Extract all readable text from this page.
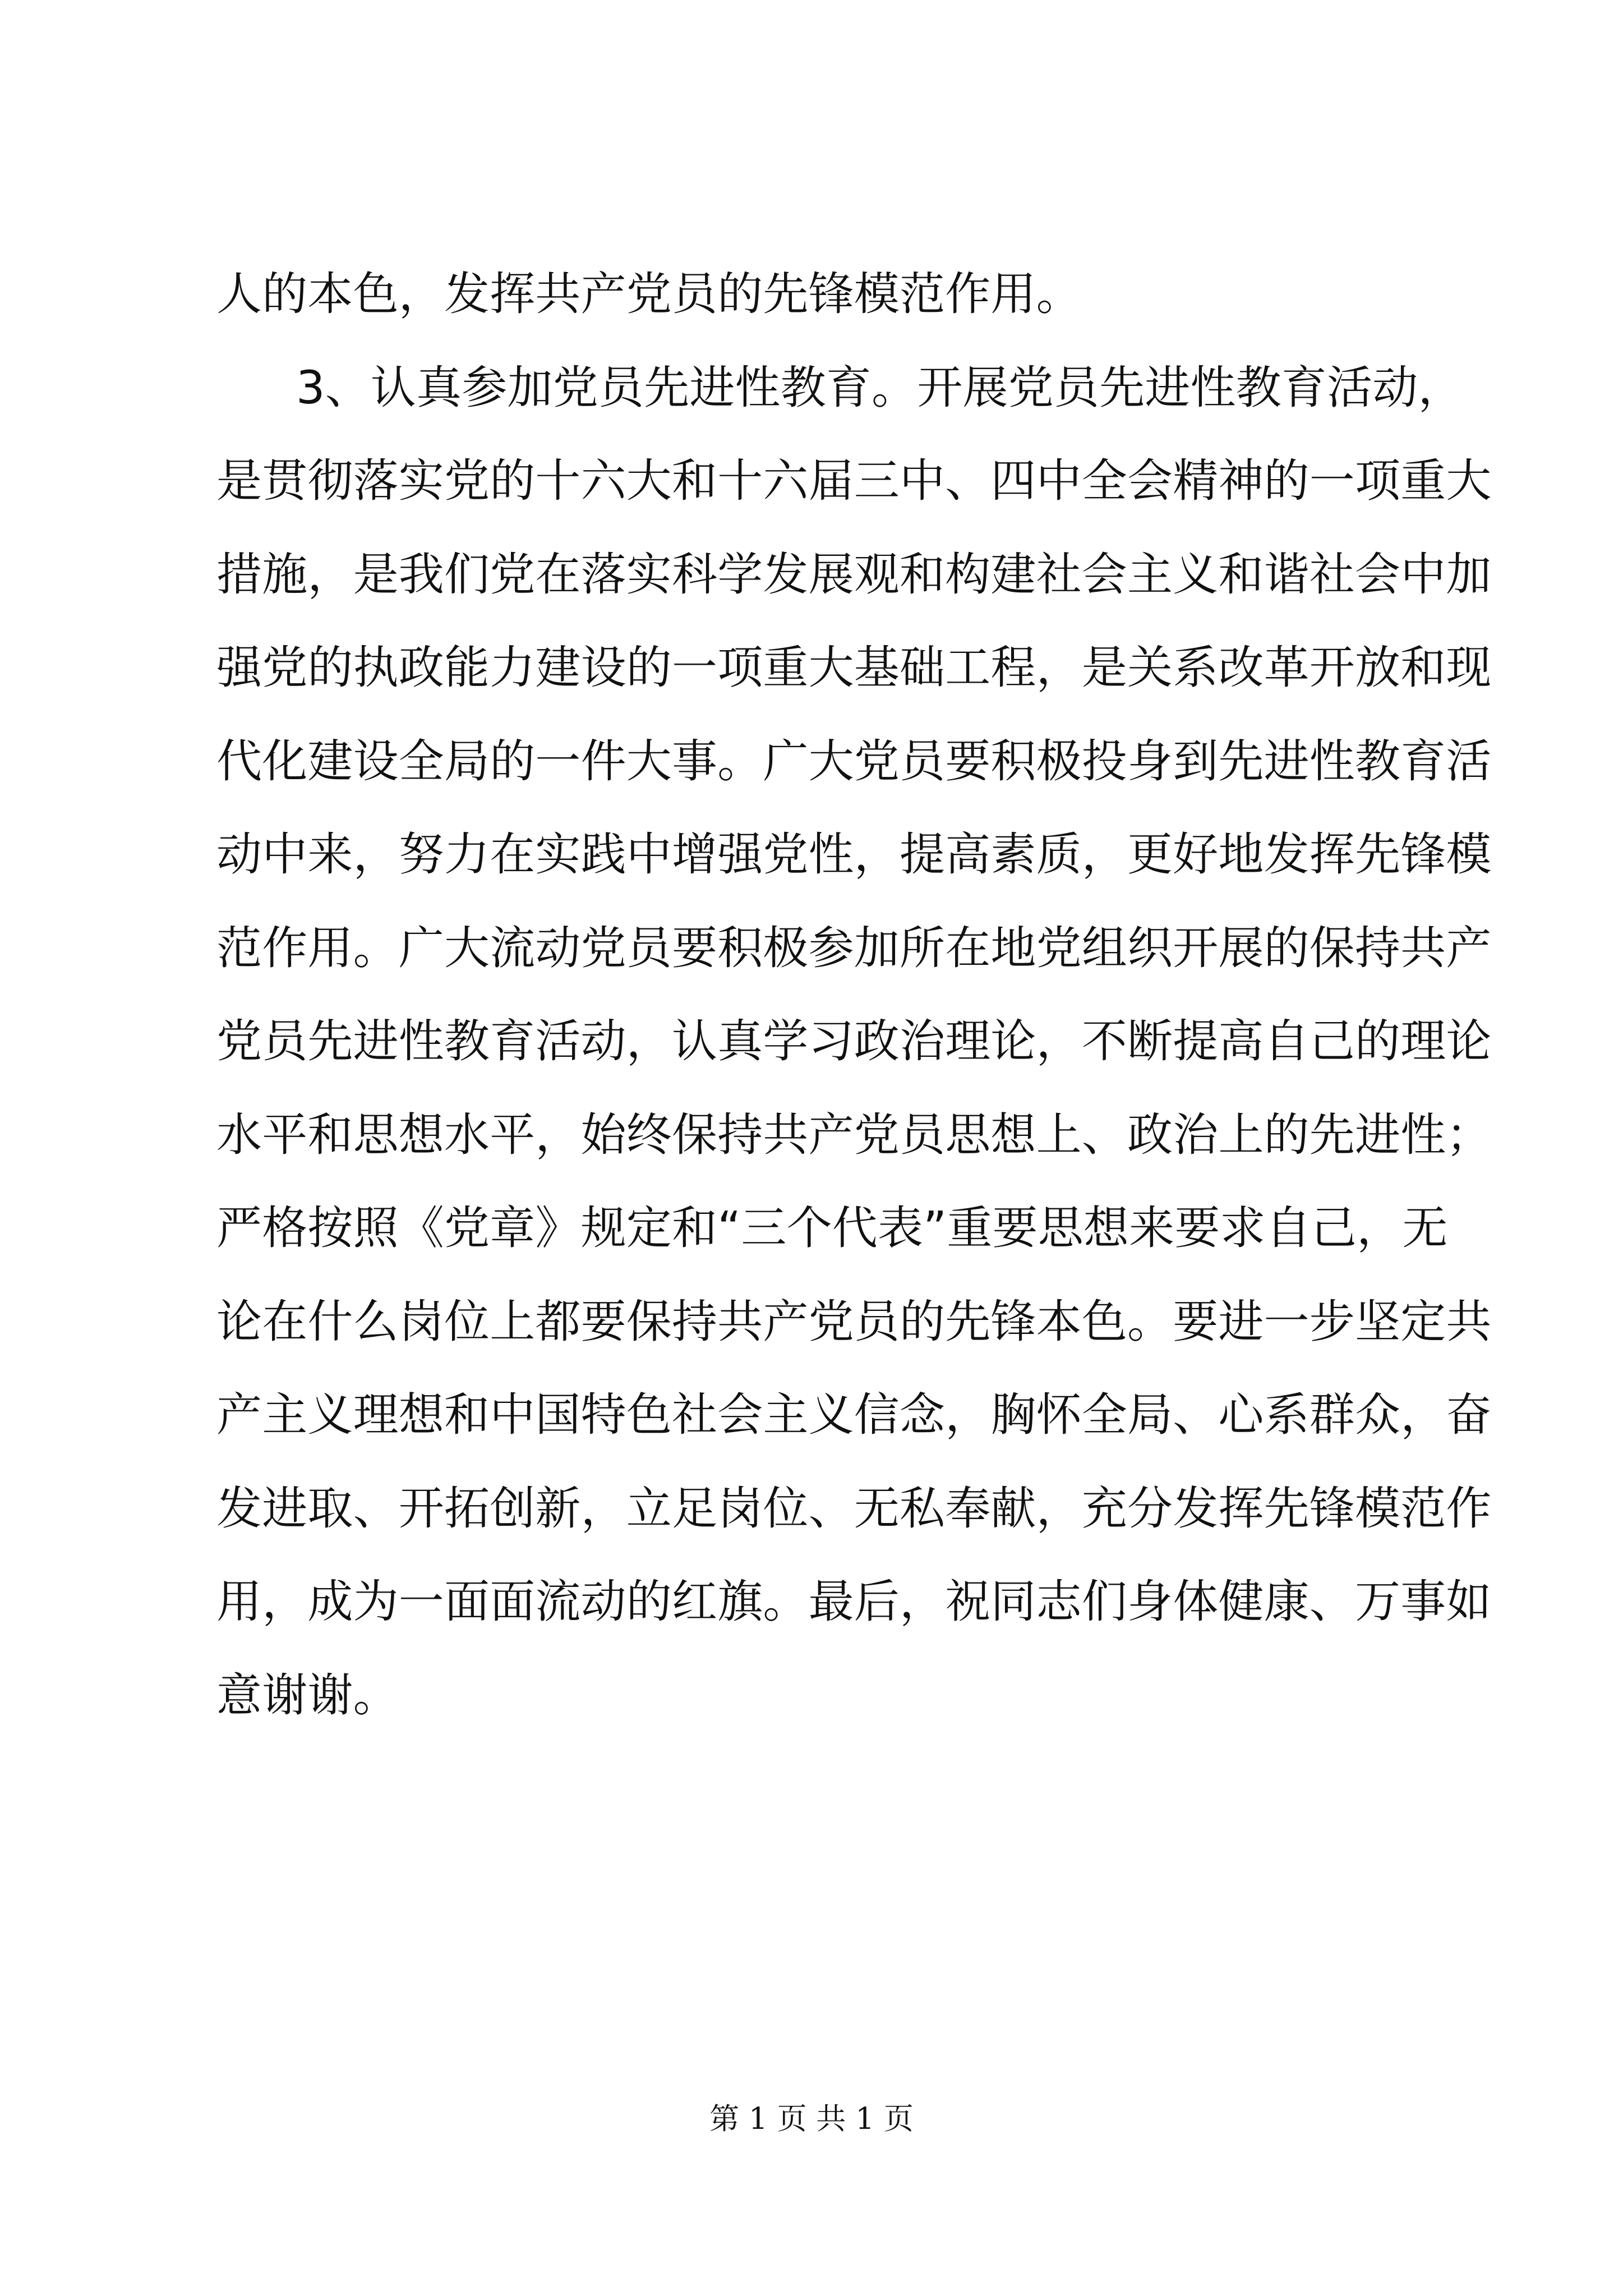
人的本色，发挥共产党员的先锋模范作用。
3、认真参加党员先进性教育。开展党员先进性教育活动，
是贯彻落实党的十六大和十六届三中、四中全会精神的一项重大
措施，是我们党在落实科学发展观和构建社会主义和谐社会中加
强党的执政能力建设的一项重大基础工程，是关系改革开放和现
代化建设全局的一件大事。广大党员要积极投身到先进性教育活
动中来，努力在实践中增强党性，提高素质，更好地发挥先锋模
范作用。广大流动党员要积极参加所在地党组织开展的保持共产
党员先进性教育活动，认真学习政治理论，不断提高自己的理论
水平和思想水平，始终保持共产党员思想上、政治上的先进性；
严格按照《党章》规定和“三个代表”重要思想来要求自己，无
论在什么岗位上都要保持共产党员的先锋本色。要进一步坚定共
产主义理想和中国特色社会主义信念，胸怀全局、心系群众，奋
发进取、开拓创新，立足岗位、无私奉献，充分发挥先锋模范作
用，成为一面面流动的红旗。最后，祝同志们身体健康、万事如
意谢谢。
第 1 页 共 1 页
